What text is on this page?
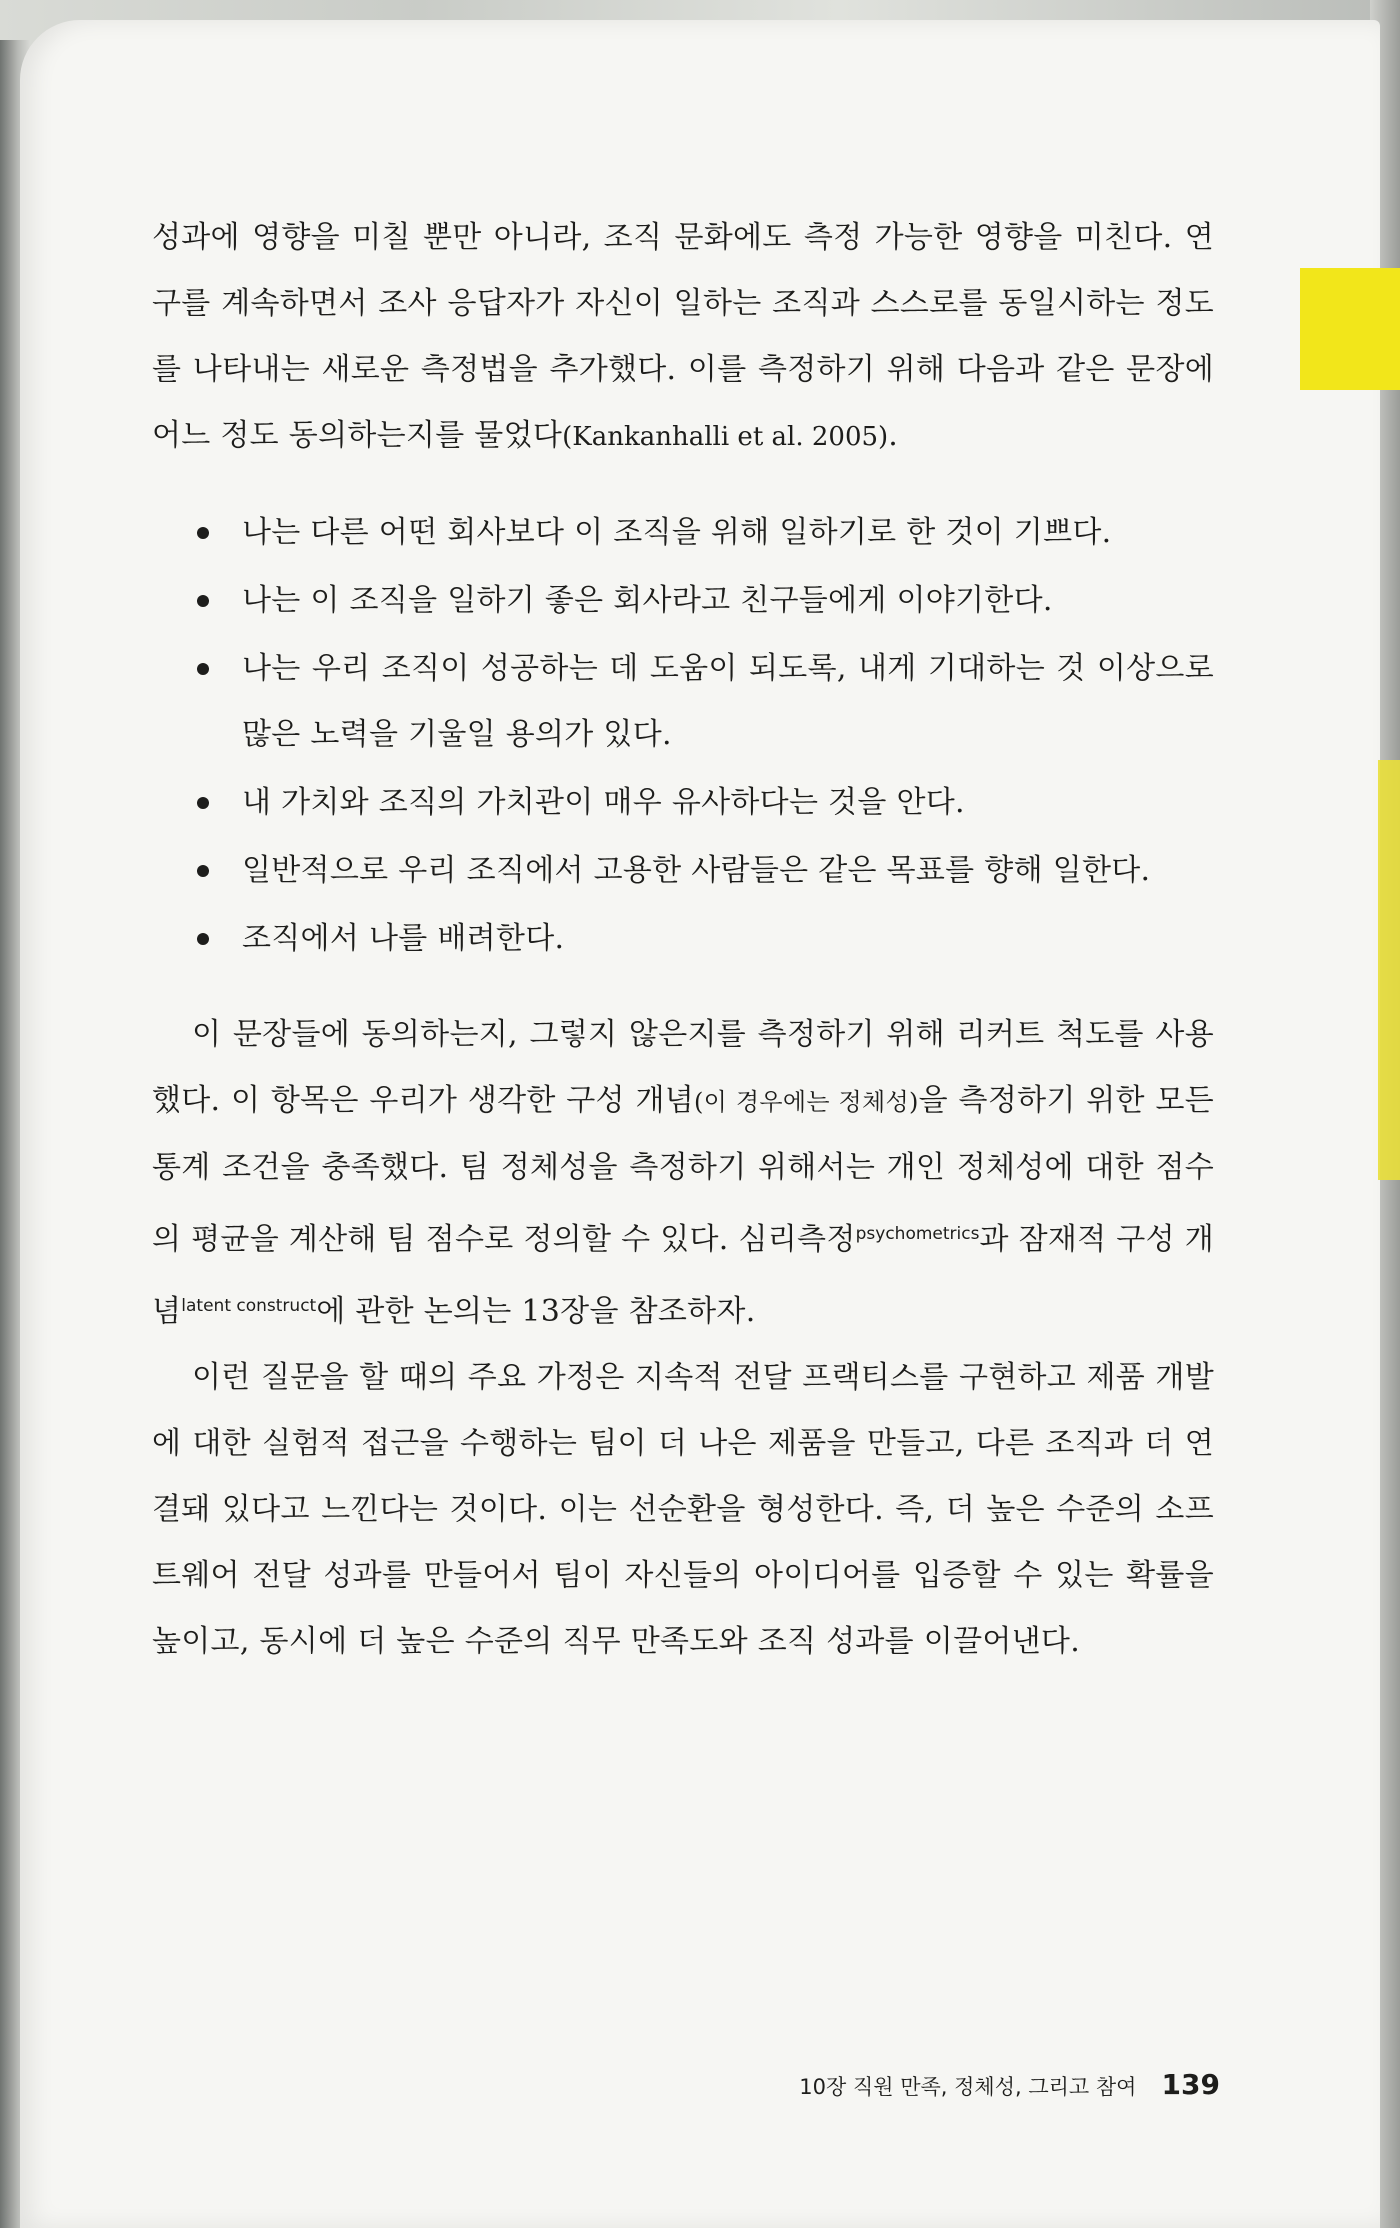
성과에 영향을 미칠 뿐만 아니라, 조직 문화에도 측정 가능한 영향을 미친다. 연구를 계속하면서 조사 응답자가 자신이 일하는 조직과 스스로를 동일시하는 정도를 나타내는 새로운 측정법을 추가했다. 이를 측정하기 위해 다음과 같은 문장에 어느 정도 동의하는지를 물었다(Kankanhalli et al. 2005).

나는 다른 어떤 회사보다 이 조직을 위해 일하기로 한 것이 기쁘다.
나는 이 조직을 일하기 좋은 회사라고 친구들에게 이야기한다.
나는 우리 조직이 성공하는 데 도움이 되도록, 내게 기대하는 것 이상으로 많은 노력을 기울일 용의가 있다.
내 가치와 조직의 가치관이 매우 유사하다는 것을 안다.
일반적으로 우리 조직에서 고용한 사람들은 같은 목표를 향해 일한다.
조직에서 나를 배려한다.

이 문장들에 동의하는지, 그렇지 않은지를 측정하기 위해 리커트 척도를 사용했다. 이 항목은 우리가 생각한 구성 개념(이 경우에는 정체성)을 측정하기 위한 모든 통계 조건을 충족했다. 팀 정체성을 측정하기 위해서는 개인 정체성에 대한 점수의 평균을 계산해 팀 점수로 정의할 수 있다. 심리측정$^{psychometrics}$과 잠재적 구성 개념$^{latent construct}$에 관한 논의는 13장을 참조하자.

이런 질문을 할 때의 주요 가정은 지속적 전달 프랙티스를 구현하고 제품 개발에 대한 실험적 접근을 수행하는 팀이 더 나은 제품을 만들고, 다른 조직과 더 연결돼 있다고 느낀다는 것이다. 이는 선순환을 형성한다. 즉, 더 높은 수준의 소프트웨어 전달 성과를 만들어서 팀이 자신들의 아이디어를 입증할 수 있는 확률을 높이고, 동시에 더 높은 수준의 직무 만족도와 조직 성과를 이끌어낸다.

10장 직원 만족, 정체성, 그리고 참여 139
